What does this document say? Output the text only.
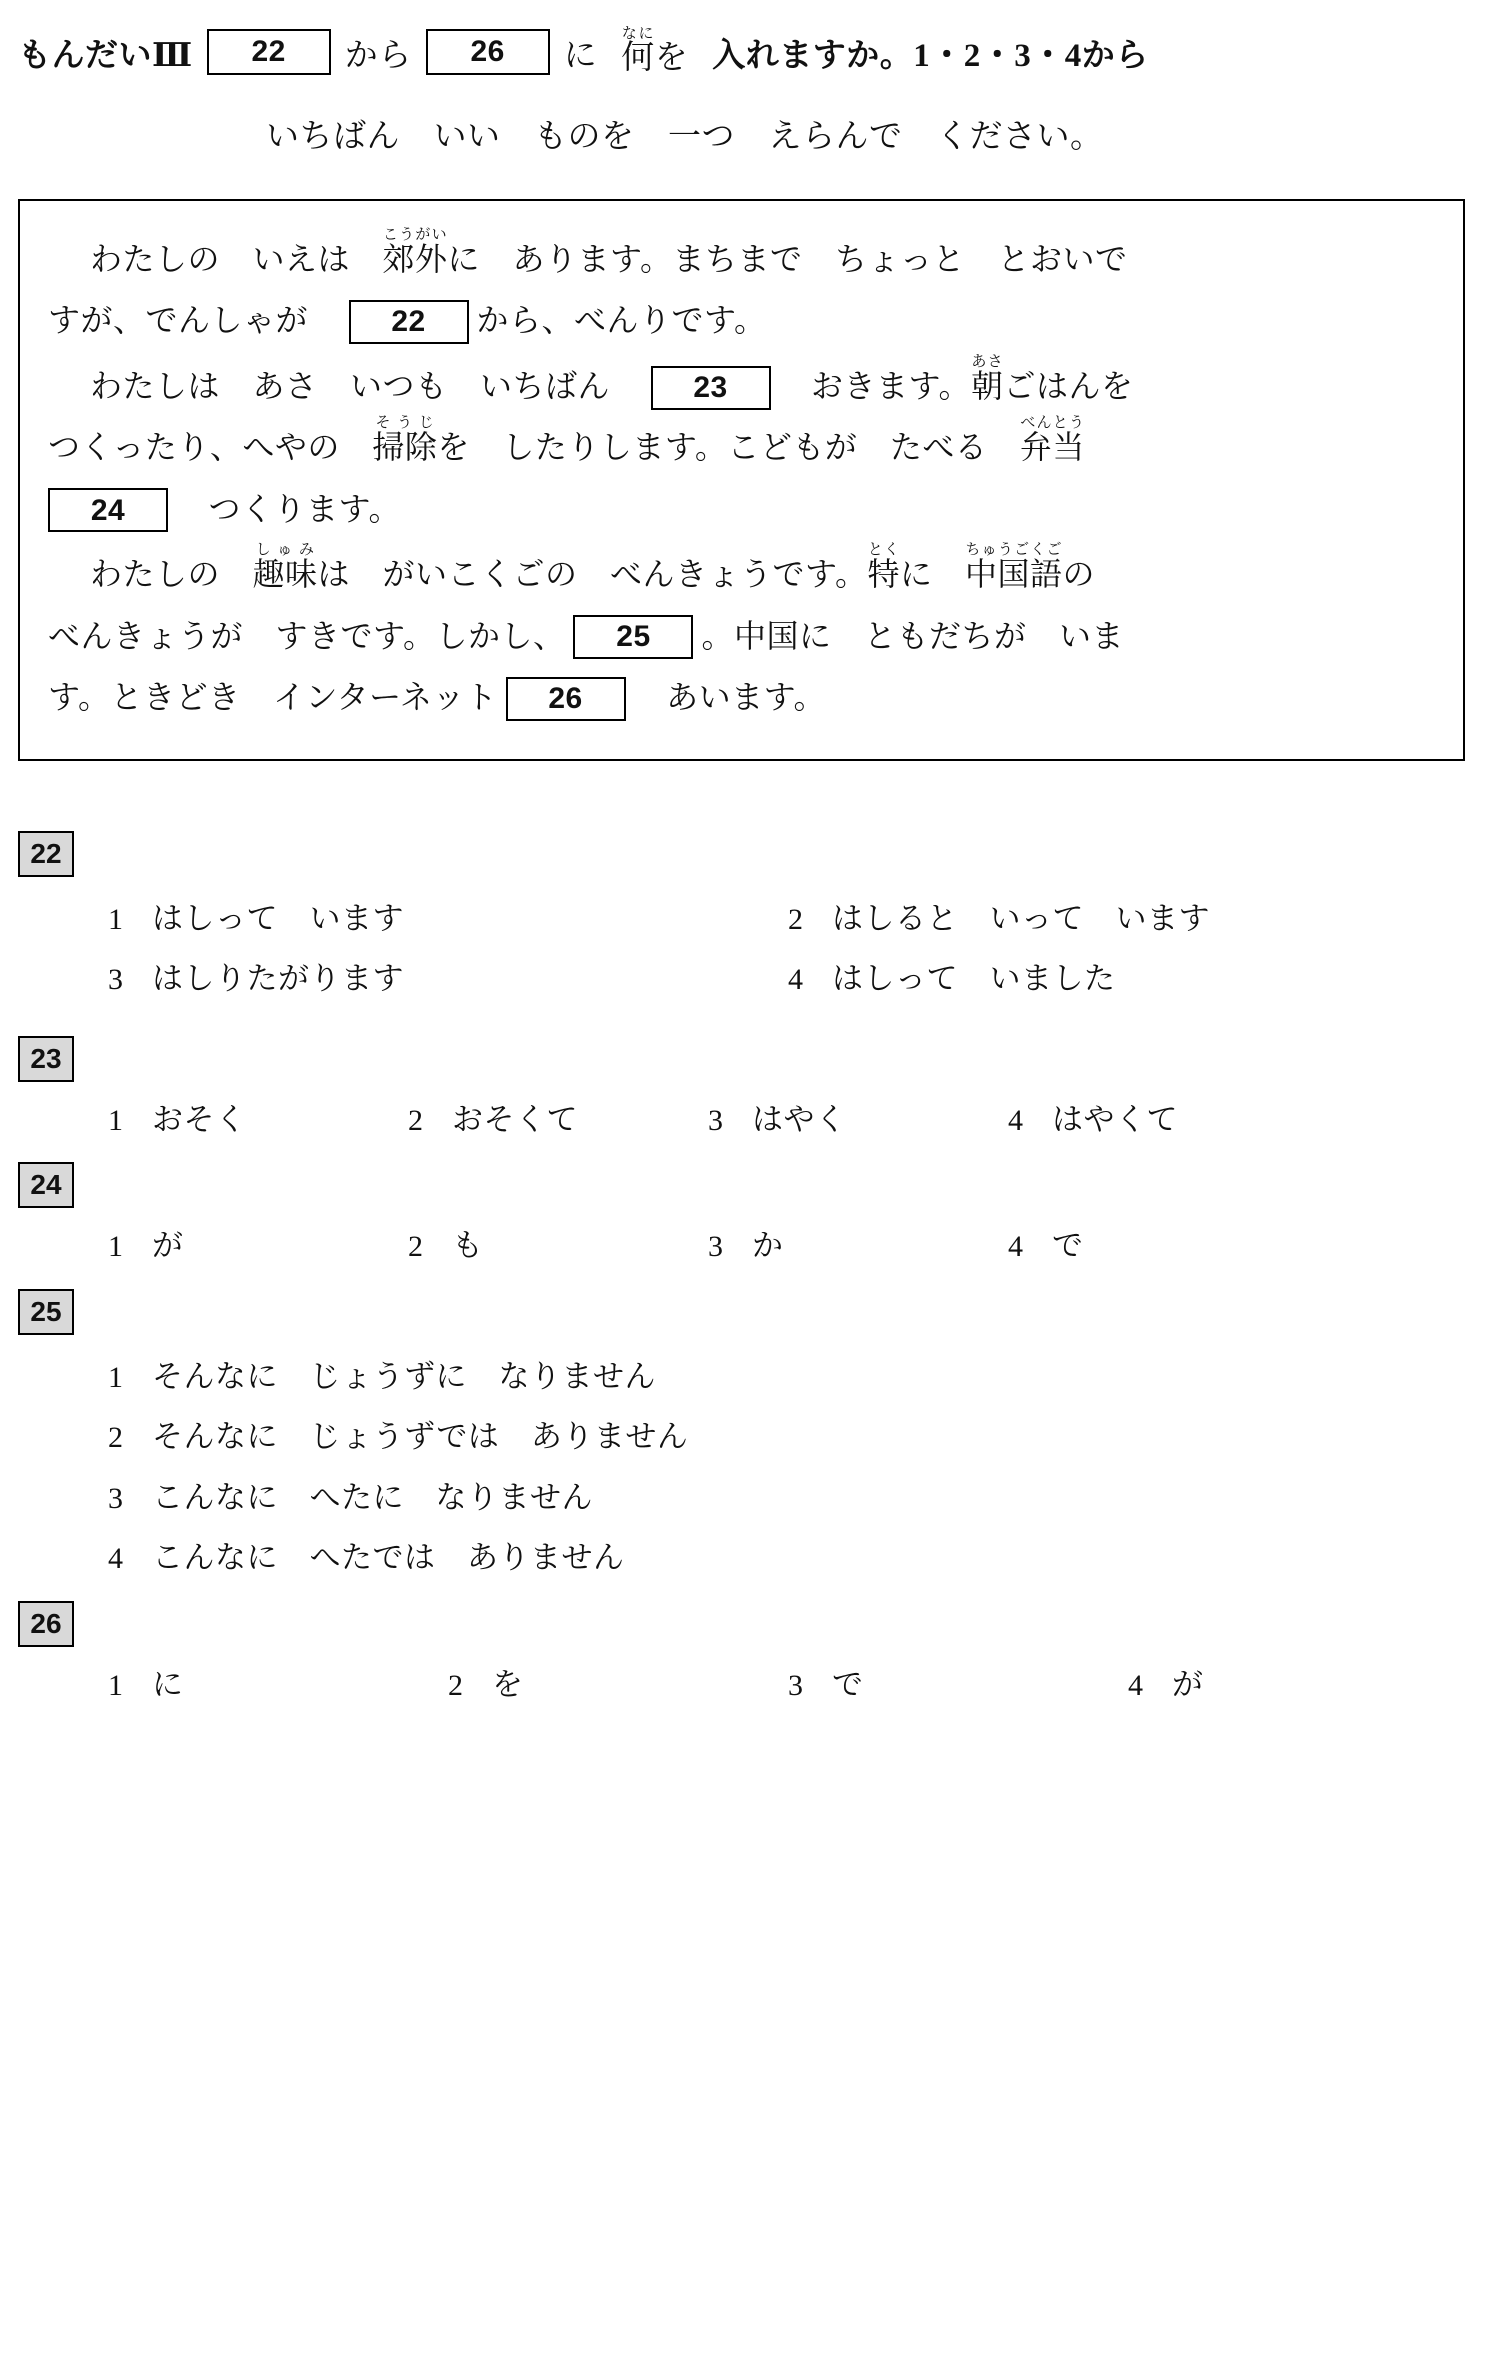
もんだいⅢ	22	から	26	に 何なにを 入れますか。1・2・3・4から
いちばん　いい　ものを　一つ　えらんで　ください。
わたしの　いえは　郊外こうがいに　あります。まちまで　ちょっと　とおいで
すが、でんしゃが　22 から、べんりです。
わたしは　あさ　いつも　いちばん　23　おきます。朝あさごはんを
つくったり、へやの　掃除そうじを　したりします。こどもが　たべる　弁当べんとう
24　つくります。
わたしの　趣味しゅみは　がいこくごの　べんきょうです。特とくに　中国語ちゅうごくごの
べんきょうが　すきです。しかし、 25 。中国に　ともだちが　いま
す。ときどき　インターネット 26　あいます。
22
1 はしって　います	2 はしると　いって　います
3 はしりたがります	4 はしって　いました
23
1 おそく	2 おそくて	3 はやく	4 はやくて
24
1 が	2 も	3 か	4 で
25
1 そんなに　じょうずに　なりません
2 そんなに　じょうずでは　ありません
3 こんなに　へたに　なりません
4 こんなに　へたでは　ありません
26
1 に	2 を	3 で	4 が
